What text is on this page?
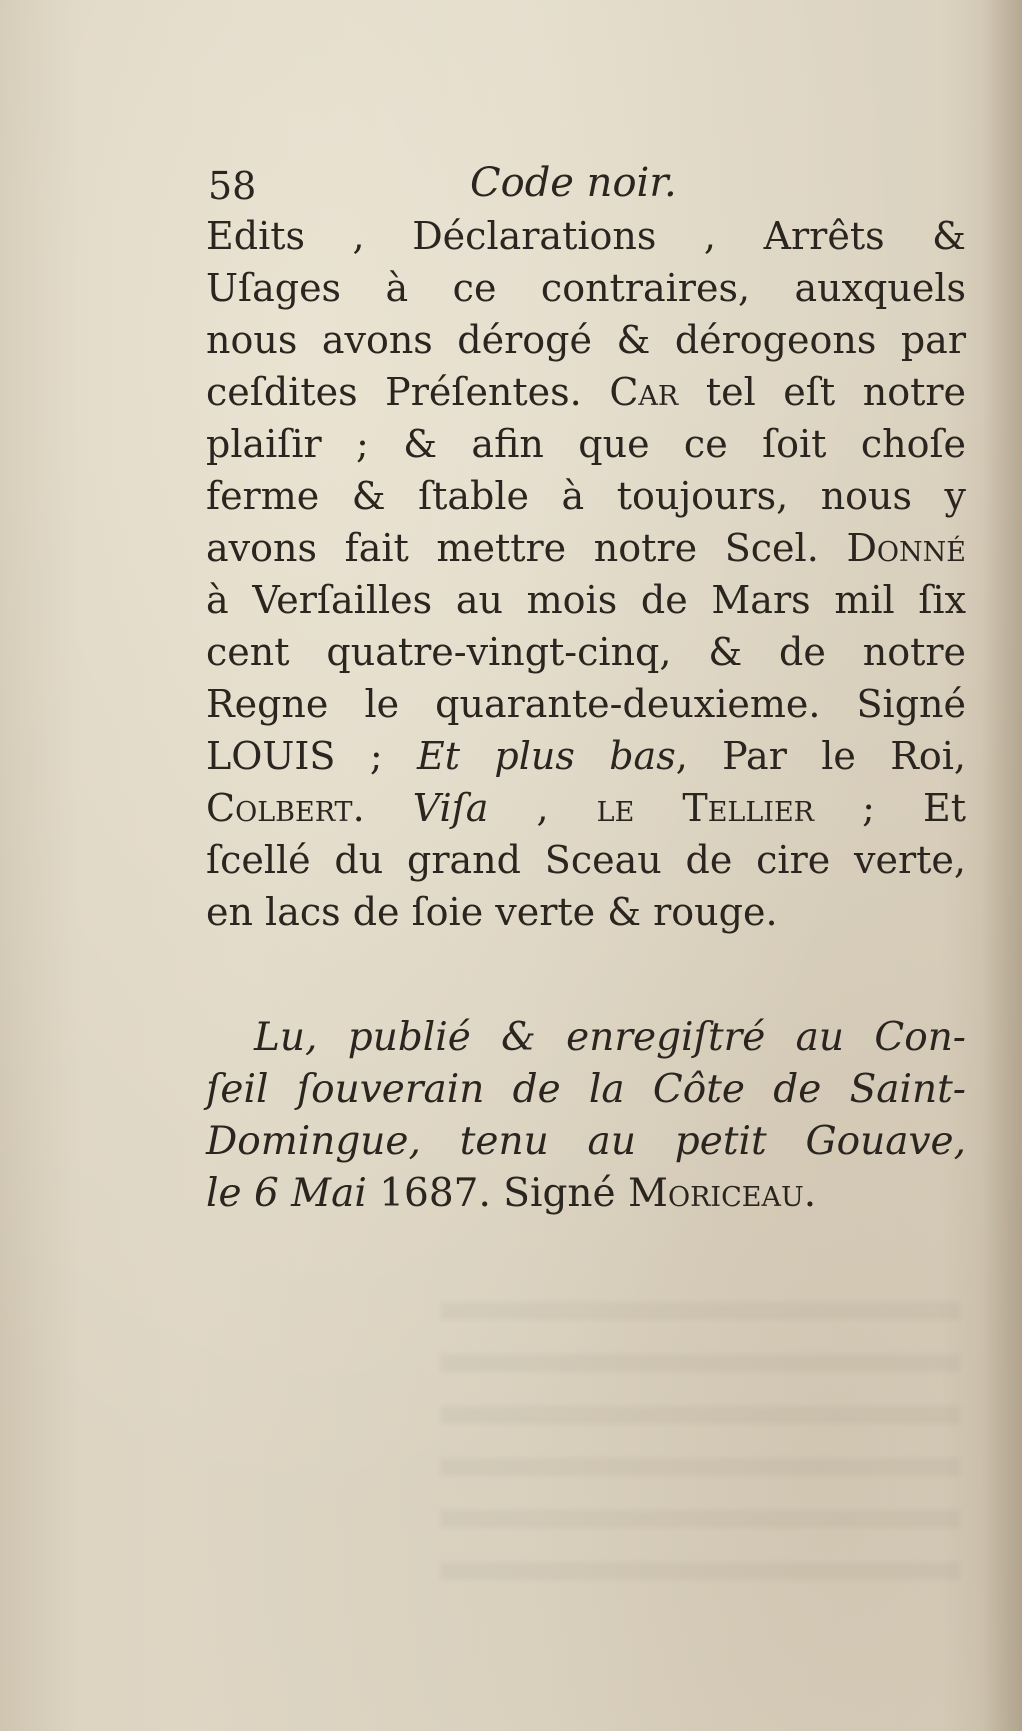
58	Code noir.
Edits , Déclarations , Arrêts &
Uſages à ce contraires, auxquels
nous avons dérogé & dérogeons par
ceſdites Préſentes. Car tel eſt notre
plaiſir ; & afin que ce ſoit choſe
ferme & ſtable à toujours, nous y
avons fait mettre notre Scel. Donné
à Verſailles au mois de Mars mil ſix
cent quatre-vingt-cinq, & de notre
Regne le quarante-deuxieme. Signé
LOUIS ; Et plus bas, Par le Roi,
Colbert. Viſa , le Tellier ; Et
ſcellé du grand Sceau de cire verte,
en lacs de ſoie verte & rouge.
Lu, publié & enregiſtré au Con-
ſeil ſouverain de la Côte de Saint-
Domingue, tenu au petit Gouave,
le 6 Mai 1687. Signé Moriceau.
